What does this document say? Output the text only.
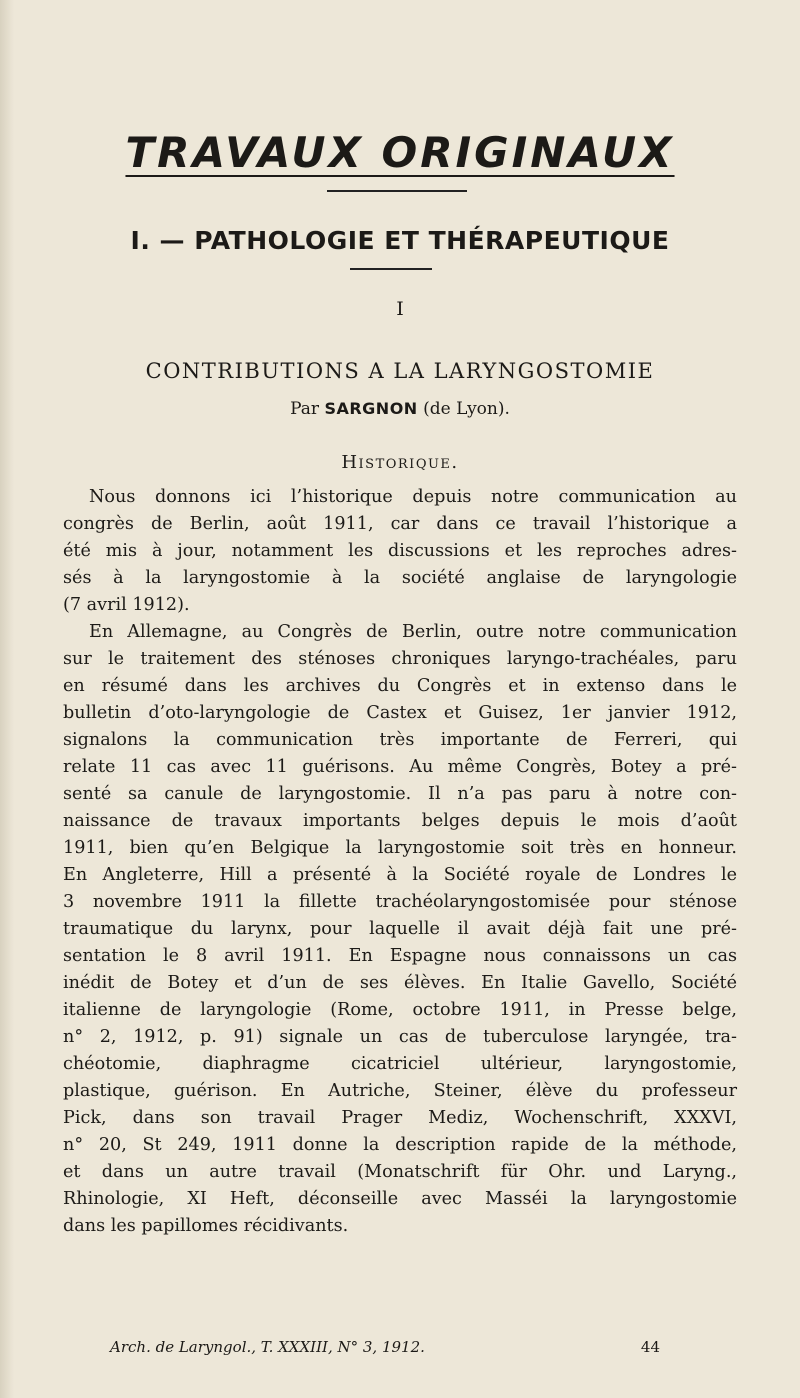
TRAVAUX ORIGINAUX
I. — PATHOLOGIE ET THÉRAPEUTIQUE
I
CONTRIBUTIONS A LA LARYNGOSTOMIE
Par SARGNON (de Lyon).
Historique.
Nous donnons ici l’historique depuis notre communication au
congrès de Berlin, août 1911, car dans ce travail l’historique a
été mis à jour, notamment les discussions et les reproches adres-
sés à la laryngostomie à la société anglaise de laryngologie
(7 avril 1912).
En Allemagne, au Congrès de Berlin, outre notre communication
sur le traitement des sténoses chroniques laryngo-trachéales, paru
en résumé dans les archives du Congrès et in extenso dans le
bulletin d’oto-laryngologie de Castex et Guisez, 1er janvier 1912,
signalons la communication très importante de Ferreri, qui
relate 11 cas avec 11 guérisons. Au même Congrès, Botey a pré-
senté sa canule de laryngostomie. Il n’a pas paru à notre con-
naissance de travaux importants belges depuis le mois d’août
1911, bien qu’en Belgique la laryngostomie soit très en honneur.
En Angleterre, Hill a présenté à la Société royale de Londres le
3 novembre 1911 la fillette trachéolaryngostomisée pour sténose
traumatique du larynx, pour laquelle il avait déjà fait une pré-
sentation le 8 avril 1911. En Espagne nous connaissons un cas
inédit de Botey et d’un de ses élèves. En Italie Gavello, Société
italienne de laryngologie (Rome, octobre 1911, in Presse belge,
n° 2, 1912, p. 91) signale un cas de tuberculose laryngée, tra-
chéotomie, diaphragme cicatriciel ultérieur, laryngostomie,
plastique, guérison. En Autriche, Steiner, élève du professeur
Pick, dans son travail Prager Mediz, Wochenschrift, XXXVI,
n° 20, St 249, 1911 donne la description rapide de la méthode,
et dans un autre travail (Monatschrift für Ohr. und Laryng.,
Rhinologie, XI Heft, déconseille avec Masséi la laryngostomie
dans les papillomes récidivants.
Arch. de Laryngol., T. XXXIII, N° 3, 1912.	44
